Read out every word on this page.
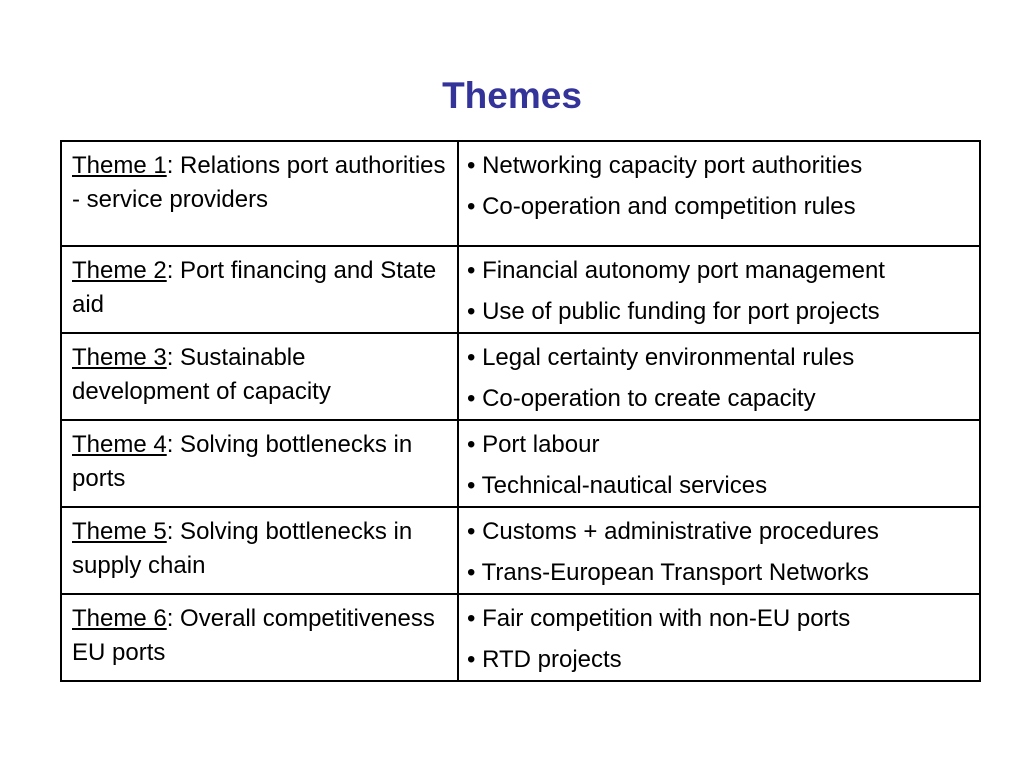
Themes
Theme 1: Relations port authorities - service providers	• Networking capacity port authorities
• Co-operation and competition rules

Theme 2: Port financing and State aid	• Financial autonomy port management
• Use of public funding for port projects

Theme 3: Sustainable development of capacity	• Legal certainty environmental rules
• Co-operation to create capacity

Theme 4: Solving bottlenecks in ports	• Port labour
• Technical-nautical services

Theme 5: Solving bottlenecks in supply chain	• Customs + administrative procedures
• Trans-European Transport Networks

Theme 6: Overall competitiveness EU ports	• Fair competition with non-EU ports
• RTD projects
